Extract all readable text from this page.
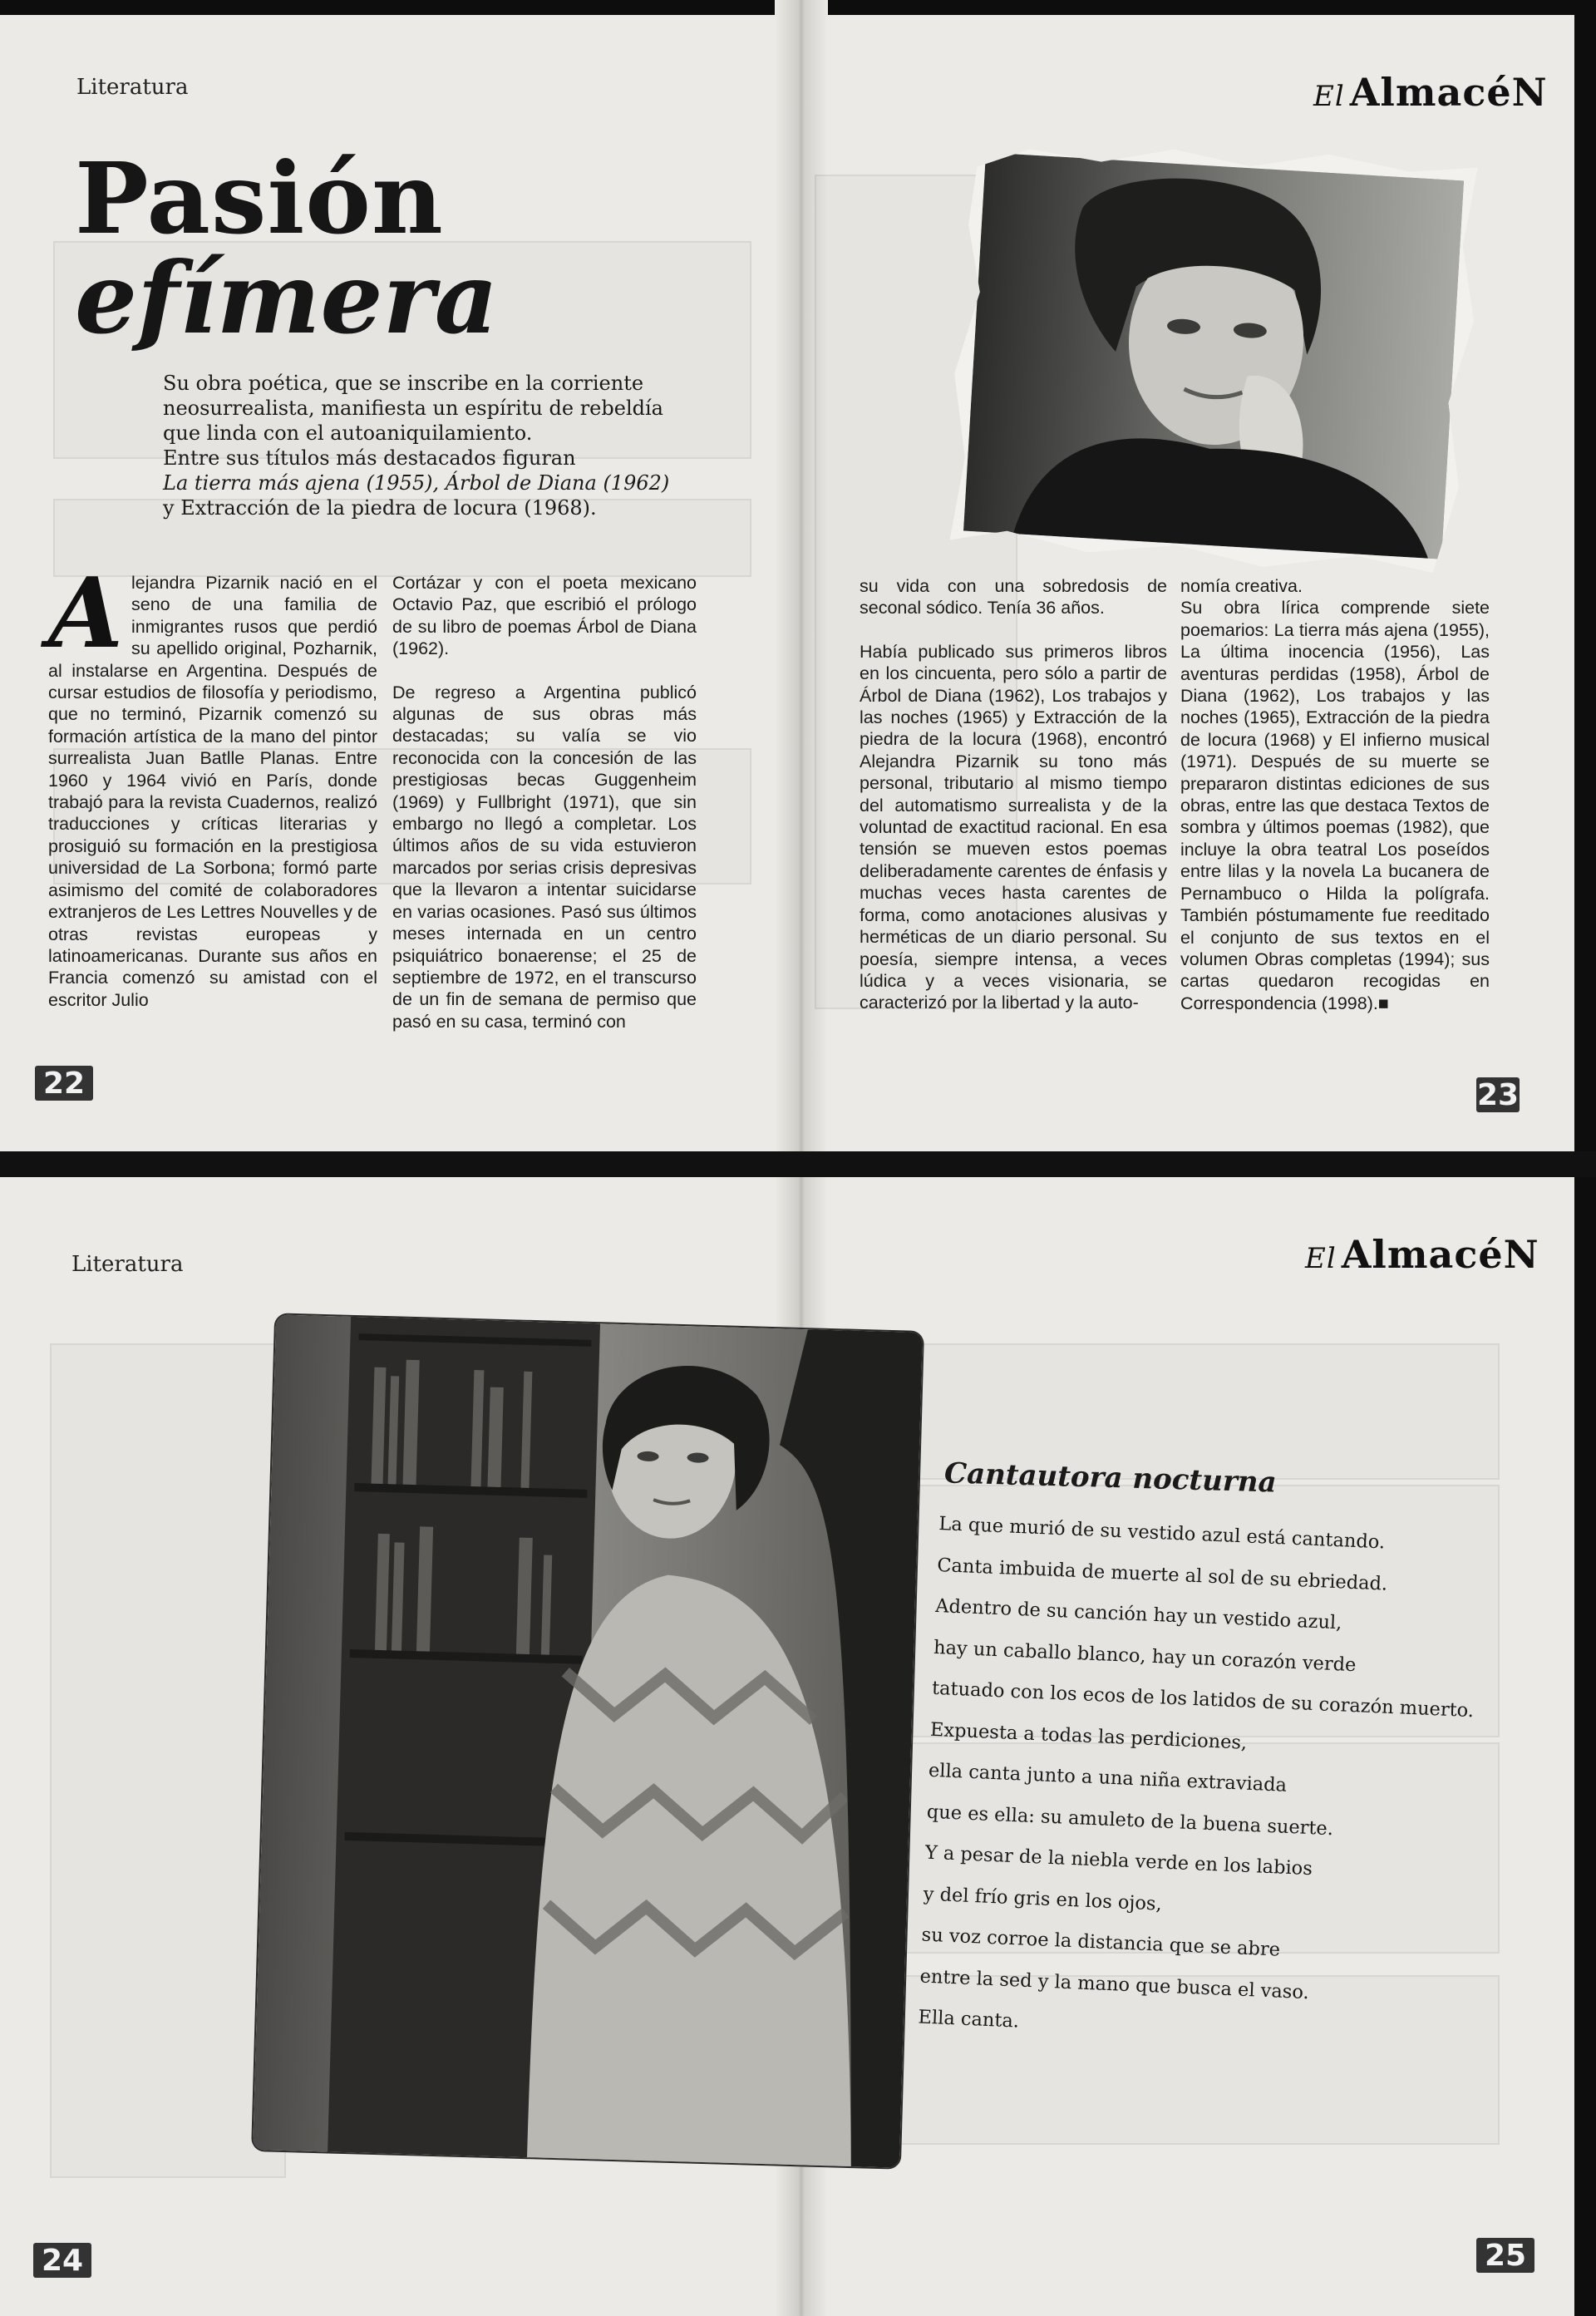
Literatura
Pasión
efímera

Su obra poética, que se inscribe en la corriente

neosurrealista, manifiesta un espíritu de rebeldía

que linda con el autoaniquilamiento.

Entre sus títulos más destacados figuran

La tierra más ajena (1955), Árbol de Diana (1962)

y Extracción de la piedra de locura (1968).

A lejandra Pizarnik nació en el seno de una familia de inmigrantes rusos que perdió su apellido original, Pozharnik, al instalarse en Argentina. Después de cursar estudios de filosofía y periodismo, que no terminó, Pizarnik comenzó su formación artística de la mano del pintor surrealista Juan Batlle Planas. Entre 1960 y 1964 vivió en París, donde trabajó para la revista Cuadernos, realizó traducciones y críticas literarias y prosiguió su formación en la prestigiosa universidad de La Sorbona; formó parte asimismo del comité de colaboradores extranjeros de Les Lettres Nouvelles y de otras revistas europeas y latinoamericanas. Durante sus años en Francia comenzó su amistad con el escritor Julio

Cortázar y con el poeta mexicano Octavio Paz, que escribió el prólogo de su libro de poemas Árbol de Diana (1962).

De regreso a Argentina publicó algunas de sus obras más destacadas; su valía se vio reconocida con la concesión de las prestigiosas becas Guggenheim (1969) y Fullbright (1971), que sin embargo no llegó a completar. Los últimos años de su vida estuvieron marcados por serias crisis depresivas que la llevaron a intentar suicidarse en varias ocasiones. Pasó sus últimos meses internada en un centro psiquiátrico bonaerense; el 25 de septiembre de 1972, en el transcurso de un fin de semana de permiso que pasó en su casa, terminó con

22
El AlmacéN

su vida con una sobredosis de seconal sódico. Tenía 36 años.

Había publicado sus primeros libros en los cincuenta, pero sólo a partir de Árbol de Diana (1962), Los trabajos y las noches (1965) y Extracción de la piedra de la locura (1968), encontró Alejandra Pizarnik su tono más personal, tributario al mismo tiempo del automatismo surrealista y de la voluntad de exactitud racional. En esa tensión se mueven estos poemas deliberadamente carentes de énfasis y muchas veces hasta carentes de forma, como anotaciones alusivas y herméticas de un diario personal. Su poesía, siempre intensa, a veces lúdica y a veces visionaria, se caracterizó por la libertad y la auto-

nomía creativa.

Su obra lírica comprende siete poemarios: La tierra más ajena (1955), La última inocencia (1956), Las aventuras perdidas (1958), Árbol de Diana (1962), Los trabajos y las noches (1965), Extracción de la piedra de locura (1968) y El infierno musical (1971). Después de su muerte se prepararon distintas ediciones de sus obras, entre las que destaca Textos de sombra y últimos poemas (1982), que incluye la obra teatral Los poseídos entre lilas y la novela La bucanera de Pernambuco o Hilda la polígrafa. También póstumamente fue reeditado el conjunto de sus textos en el volumen Obras completas (1994); sus cartas quedaron recogidas en Correspondencia (1998).■

23
Literatura	El AlmacéN
24	25
Cantautora nocturna
La que murió de su vestido azul está cantando.
Canta imbuida de muerte al sol de su ebriedad.
Adentro de su canción hay un vestido azul,
hay un caballo blanco, hay un corazón verde
tatuado con los ecos de los latidos de su corazón muerto.
Expuesta a todas las perdiciones,
ella canta junto a una niña extraviada
que es ella: su amuleto de la buena suerte.
Y a pesar de la niebla verde en los labios
y del frío gris en los ojos,
su voz corroe la distancia que se abre
entre la sed y la mano que busca el vaso.
Ella canta.
